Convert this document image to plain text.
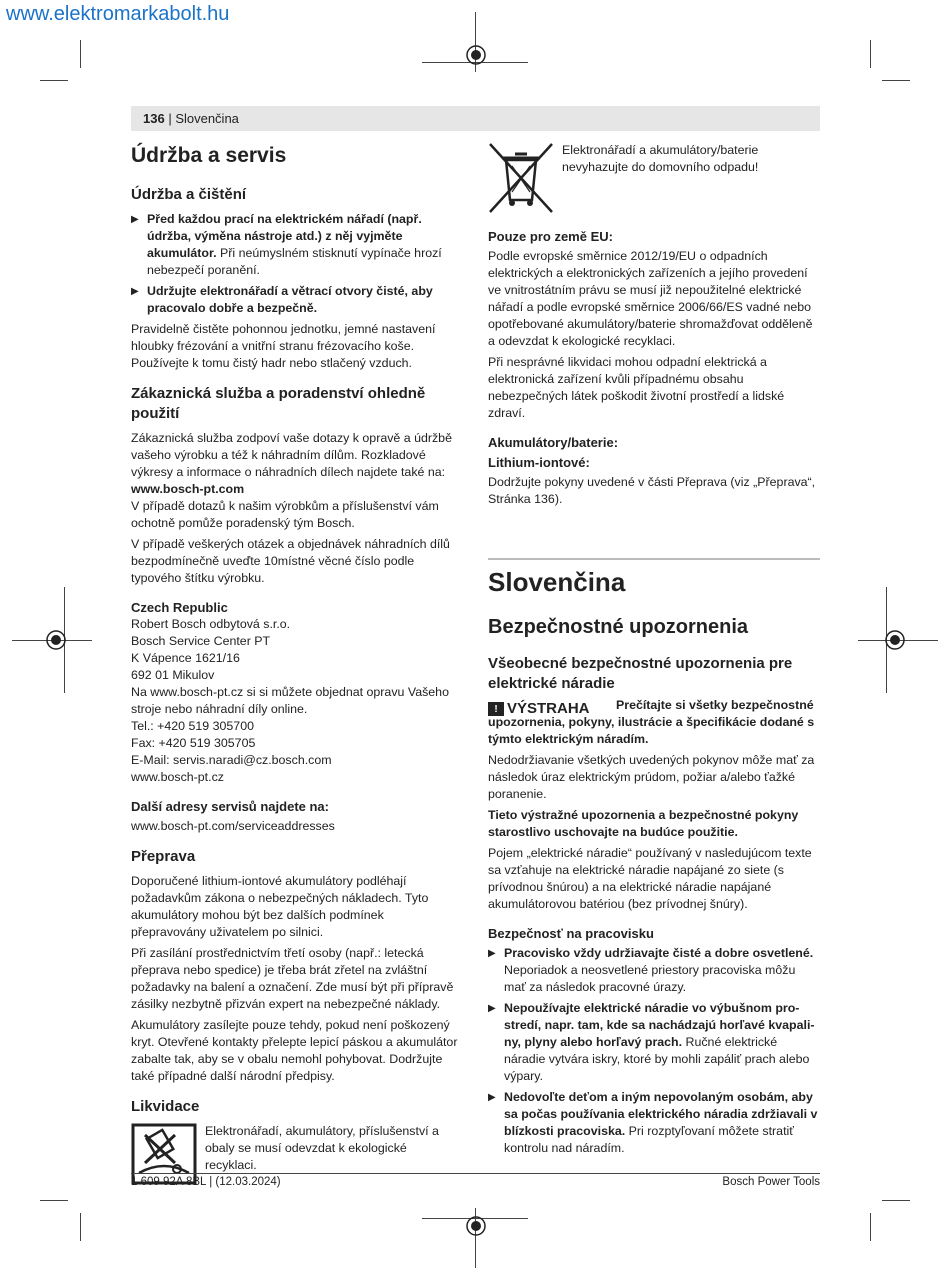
www.elektromarkabolt.hu
136 | Slovenčina
Údržba a servis
Údržba a čištění
▶ Před každou prací na elektrickém nářadí (např. údržba, výměna nástroje atd.) z něj vyjměte akumulátor. Při neúmyslném stisknutí vypínače hrozí nebezpečí poranění.
▶ Udržujte elektronářadí a větrací otvory čisté, aby pracovalo dobře a bezpečně.

Pravidelně čistěte pohonnou jednotku, jemné nastavení hloubky frézování a vnitřní stranu frézovacího koše. Používejte k tomu čistý hadr nebo stlačený vzduch.

Zákaznická služba a poradenství ohledně použití

Zákaznická služba zodpoví vaše dotazy k opravě a údržbě vašeho výrobku a též k náhradním dílům. Rozkladové výkresy a informace o náhradních dílech najdete také na:

www.bosch-pt.com

V případě dotazů k našim výrobkům a příslušenství vám ochotně pomůže poradenský tým Bosch.

V případě veškerých otázek a objednávek náhradních dílů bezpodmínečně uveďte 10místné věcné číslo podle typového štítku výrobku.

Czech Republic
Robert Bosch odbytová s.r.o.
Bosch Service Center PT
K Vápence 1621/16
692 01 Mikulov
Na www.bosch-pt.cz si si můžete objednat opravu Vašeho stroje nebo náhradní díly online.
Tel.: +420 519 305700
Fax: +420 519 305705
E-Mail: servis.naradi@cz.bosch.com
www.bosch-pt.cz
Další adresy servisů najdete na:

www.bosch-pt.com/serviceaddresses

Přeprava

Doporučené lithium-iontové akumulátory podléhají požadavkům zákona o nebezpečných nákladech. Tyto akumulátory mohou být bez dalších podmínek přepravovány uživatelem po silnici.

Při zasílání prostřednictvím třetí osoby (např.: letecká přeprava nebo spedice) je třeba brát zřetel na zvláštní požadavky na balení a označení. Zde musí být při přípravě zásilky nezbytně přizván expert na nebezpečné náklady.

Akumulátory zasílejte pouze tehdy, pokud není poškozený kryt. Otevřené kontakty přelepte lepicí páskou a akumulátor zabalte tak, aby se v obalu nemohl pohybovat. Dodržujte také případné další národní předpisy.

Likvidace
Elektronářadí, akumulátory, příslušenství a obaly se musí odevzdat k ekologické recyklaci.
Elektronářadí a akumulátory/baterie nevyhazujte do domovního odpadu!
Pouze pro země EU:

Podle evropské směrnice 2012/19/EU o odpadních elektrických a elektronických zařízeních a jejího provedení ve vnitrostátním právu se musí již nepoužitelné elektrické nářadí a podle evropské směrnice 2006/66/ES vadné nebo opotřebované akumulátory/baterie shromažďovat odděleně a odevzdat k ekologické recyklaci.

Při nesprávné likvidaci mohou odpadní elektrická a elektronická zařízení kvůli případnému obsahu nebezpečných látek poškodit životní prostředí a lidské zdraví.

Akumulátory/baterie:
Lithium-iontové:

Dodržujte pokyny uvedené v části Přeprava (viz „Přeprava“, Stránka 136).

Slovenčina
Bezpečnostné upozornenia
Všeobecné bezpečnostné upozornenia pre elektrické náradie
! VÝSTRAHA	Prečítajte si všetky bezpečnostné upozornenia, pokyny, ilustrácie a špecifikácie dodané s týmto elektrickým náradím.

Nedodržiavanie všetkých uvedených pokynov môže mať za následok úraz elektrickým prúdom, požiar a/alebo ťažké poranenie.

Tieto výstražné upozornenia a bezpečnostné pokyny starostlivo uschovajte na budúce použitie.

Pojem „elektrické náradie“ používaný v nasledujúcom texte sa vzťahuje na elektrické náradie napájané zo siete (s prívodnou šnúrou) a na elektrické náradie napájané akumulátorovou batériou (bez prívodnej šnúry).

Bezpečnosť na pracovisku
▶ Pracovisko vždy udržiavajte čisté a dobre osvetlené. Neporiadok a neosvetlené priestory pracoviska môžu mať za následok pracovné úrazy.
▶ Nepoužívajte elektrické náradie vo výbušnom prostredí, napr. tam, kde sa nachádzajú horľavé kvapaliny, plyny alebo horľavý prach. Ručné elektrické náradie vytvára iskry, ktoré by mohli zapáliť prach alebo výpary.
▶ Nedovoľte deťom a iným nepovolaným osobám, aby sa počas používania elektrického náradia zdržiavali v blízkosti pracoviska. Pri rozptyľovaní môžete stratiť kontrolu nad náradím.
1 609 92A 8BL | (12.03.2024)	Bosch Power Tools
